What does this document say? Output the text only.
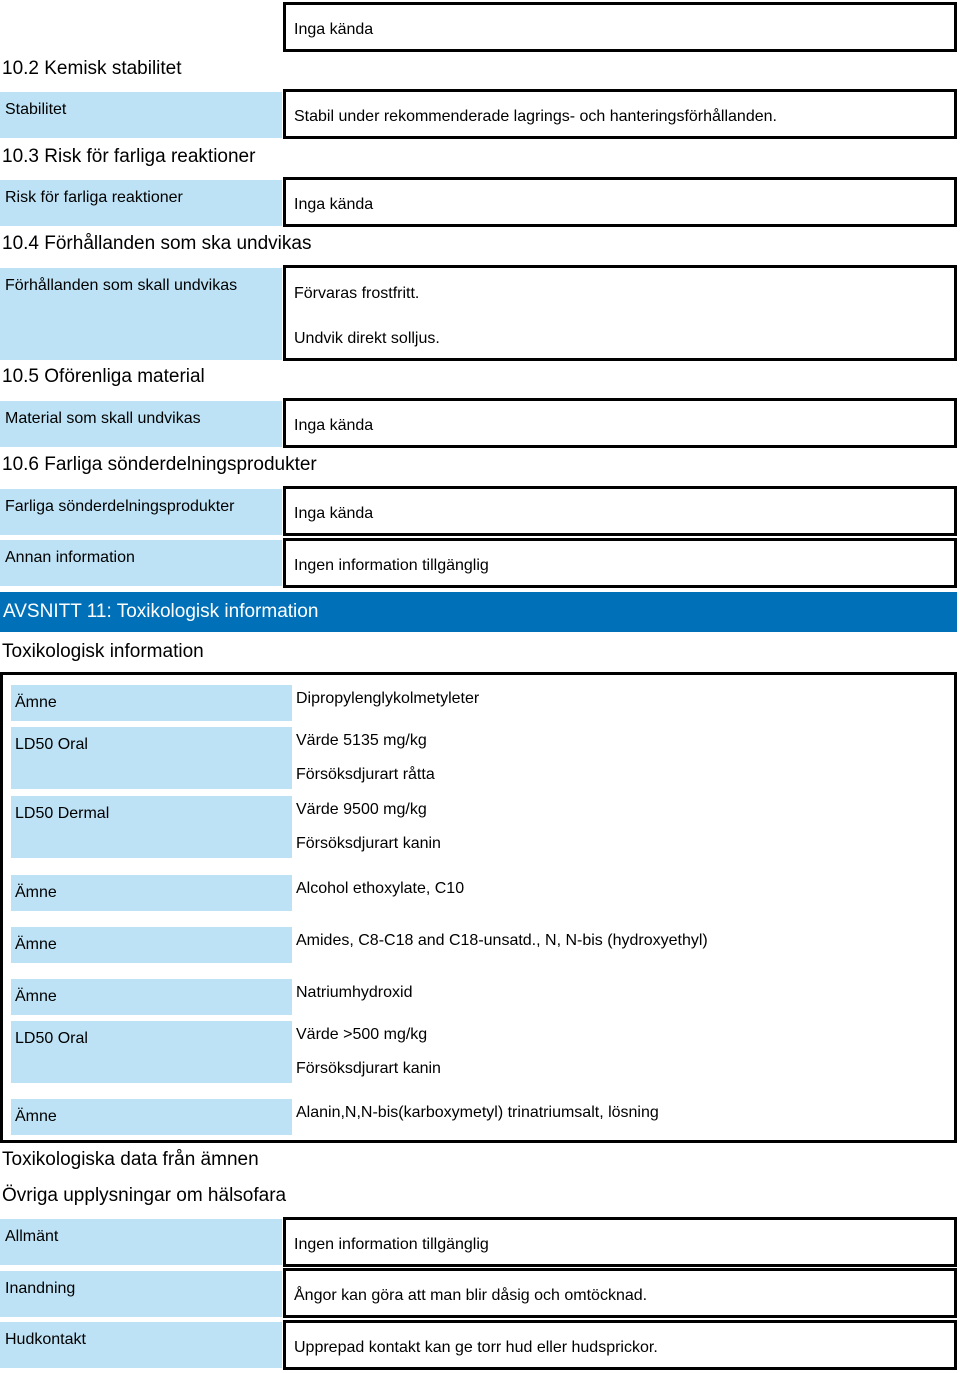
Inga kända
10.2 Kemisk stabilitet
Stabilitet	Stabil under rekommenderade lagrings- och hanteringsförhållanden.
10.3 Risk för farliga reaktioner
Risk för farliga reaktioner	Inga kända
10.4 Förhållanden som ska undvikas
Förhållanden som skall undvikas	Förvaras frostfritt.
Undvik direkt solljus.
10.5 Oförenliga material
Material som skall undvikas	Inga kända
10.6 Farliga sönderdelningsprodukter
Farliga sönderdelningsprodukter	Inga kända
Annan information	Ingen information tillgänglig
AVSNITT 11: Toxikologisk information
Toxikologisk information
Ämne	Dipropylenglykolmetyleter
LD50 Oral	Värde 5135 mg/kg
Försöksdjurart råtta
LD50 Dermal	Värde 9500 mg/kg
Försöksdjurart kanin
Ämne	Alcohol ethoxylate, C10
Ämne	Amides, C8-C18 and C18-unsatd., N, N-bis (hydroxyethyl)
Ämne	Natriumhydroxid
LD50 Oral	Värde >500 mg/kg
Försöksdjurart kanin
Ämne	Alanin,N,N-bis(karboxymetyl) trinatriumsalt, lösning
Toxikologiska data från ämnen
Övriga upplysningar om hälsofara
Allmänt	Ingen information tillgänglig
Inandning	Ångor kan göra att man blir dåsig och omtöcknad.
Hudkontakt	Upprepad kontakt kan ge torr hud eller hudsprickor.
